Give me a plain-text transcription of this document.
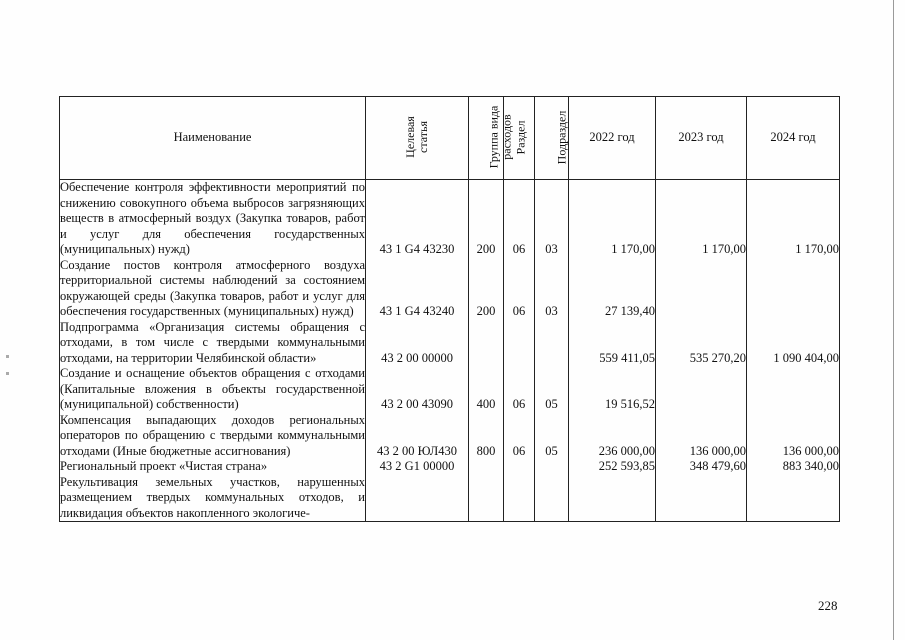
Наименование	Целевая статья	Группа вида расходов	Раздел	Подраздел	2022 год	2023 год	2024 год
Обеспечение контроля эффективности мероприятий по снижению совокупного объема выбросов загрязняющих веществ в атмосферный воздух (Закупка товаров, работ и услуг для обеспечения государственных (муниципальных) нужд)	43 1 G4 43230	200	06	03	1 170,00	1 170,00	1 170,00
Создание постов контроля атмосферного воздуха территориальной системы наблюдений за состоянием окружающей среды (Закупка товаров, работ и услуг для обеспечения государственных (муниципальных) нужд)	43 1 G4 43240	200	06	03	27 139,40		
Подпрограмма «Организация системы обращения с отходами, в том числе с твердыми коммунальными отходами, на территории Челябинской области»	43 2 00 00000				559 411,05	535 270,20	1 090 404,00
Создание и оснащение объектов обращения с отходами (Капитальные вложения в объекты государственной (муниципальной) собственности)	43 2 00 43090	400	06	05	19 516,52		
Компенсация выпадающих доходов региональных операторов по обращению с твердыми коммунальными отходами (Иные бюджетные ассигнования)	43 2 00 ЮЛ430	800	06	05	236 000,00	136 000,00	136 000,00
Региональный проект «Чистая страна»	43 2 G1 00000				252 593,85	348 479,60	883 340,00
Рекультивация земельных участков, нарушенных размещением твердых коммунальных отходов, и ликвидация объектов накопленного экологиче-							
228
